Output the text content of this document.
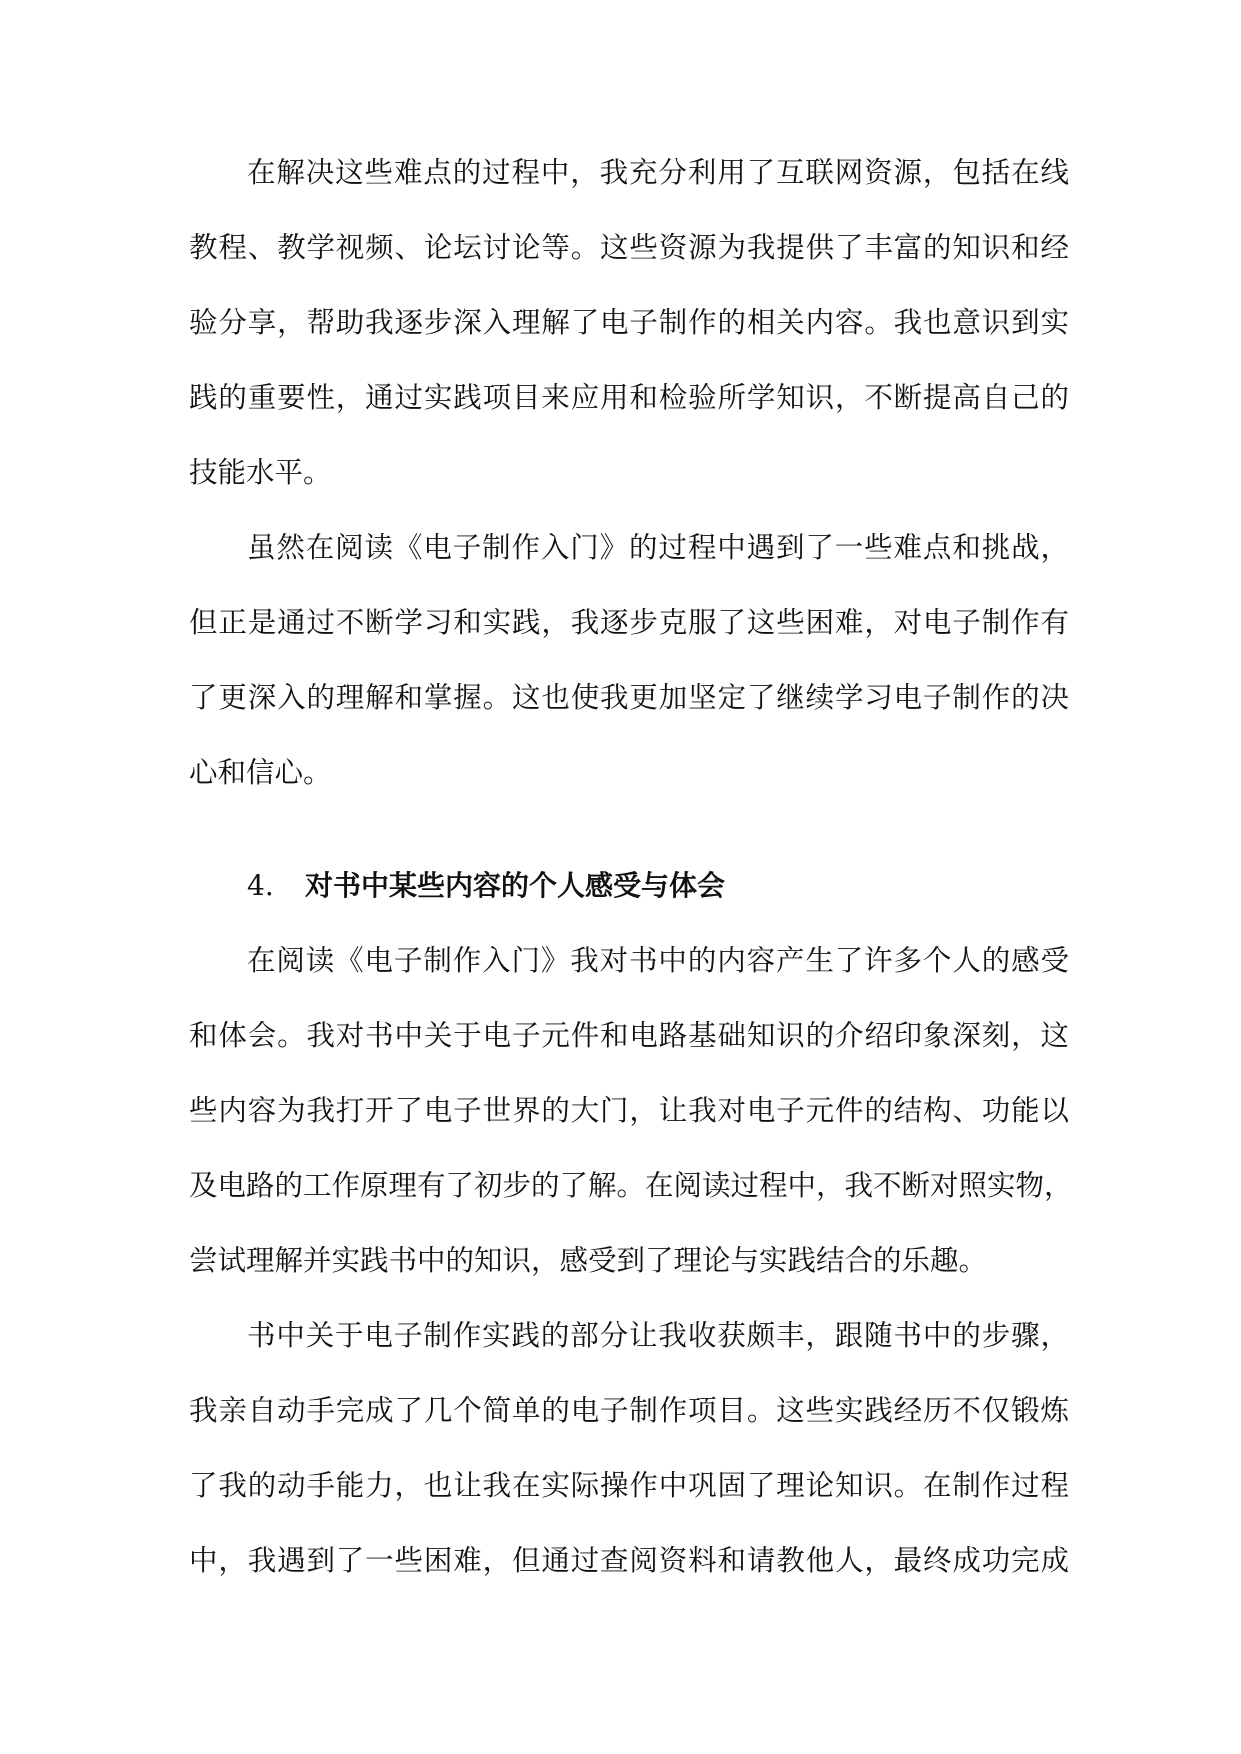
在解决这些难点的过程中，我充分利用了互联网资源，包括在线

教程、教学视频、论坛讨论等。这些资源为我提供了丰富的知识和经

验分享，帮助我逐步深入理解了电子制作的相关内容。我也意识到实

践的重要性，通过实践项目来应用和检验所学知识，不断提高自己的

技能水平。

虽然在阅读《电子制作入门》的过程中遇到了一些难点和挑战，

但正是通过不断学习和实践，我逐步克服了这些困难，对电子制作有

了更深入的理解和掌握。这也使我更加坚定了继续学习电子制作的决

心和信心。

4. 对书中某些内容的个人感受与体会

在阅读《电子制作入门》我对书中的内容产生了许多个人的感受

和体会。我对书中关于电子元件和电路基础知识的介绍印象深刻，这

些内容为我打开了电子世界的大门，让我对电子元件的结构、功能以

及电路的工作原理有了初步的了解。在阅读过程中，我不断对照实物，

尝试理解并实践书中的知识，感受到了理论与实践结合的乐趣。

书中关于电子制作实践的部分让我收获颇丰，跟随书中的步骤，

我亲自动手完成了几个简单的电子制作项目。这些实践经历不仅锻炼

了我的动手能力，也让我在实际操作中巩固了理论知识。在制作过程

中，我遇到了一些困难，但通过查阅资料和请教他人，最终成功完成
